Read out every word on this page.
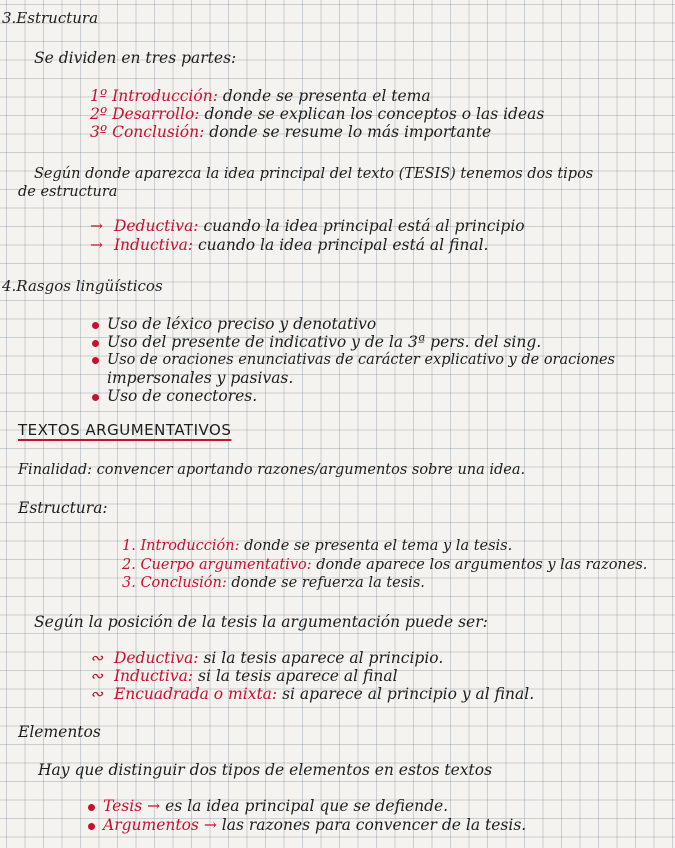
3.Estructura
Se dividen en tres partes:
1º Introducción: donde se presenta el tema
2º Desarrollo: donde se explican los conceptos o las ideas
3º Conclusión: donde se resume lo más importante
Según donde aparezca la idea principal del texto (TESIS) tenemos dos tipos
de estructura
→ Deductiva: cuando la idea principal está al principio
→ Inductiva: cuando la idea principal está al final.
4.Rasgos lingüísticos
Uso de léxico preciso y denotativo
Uso del presente de indicativo y de la 3ª pers. del sing.
Uso de oraciones enunciativas de carácter explicativo y de oraciones
impersonales y pasivas.
Uso de conectores.
TEXTOS ARGUMENTATIVOS
Finalidad: convencer aportando razones/argumentos sobre una idea.
Estructura:
1. Introducción: donde se presenta el tema y la tesis.
2. Cuerpo argumentativo: donde aparece los argumentos y las razones.
3. Conclusión: donde se refuerza la tesis.
Según la posición de la tesis la argumentación puede ser:
∾ Deductiva: si la tesis aparece al principio.
∾ Inductiva: si la tesis aparece al final
∾ Encuadrada o mixta: si aparece al principio y al final.
Elementos
Hay que distinguir dos tipos de elementos en estos textos
Tesis → es la idea principal que se defiende.
Argumentos → las razones para convencer de la tesis.
